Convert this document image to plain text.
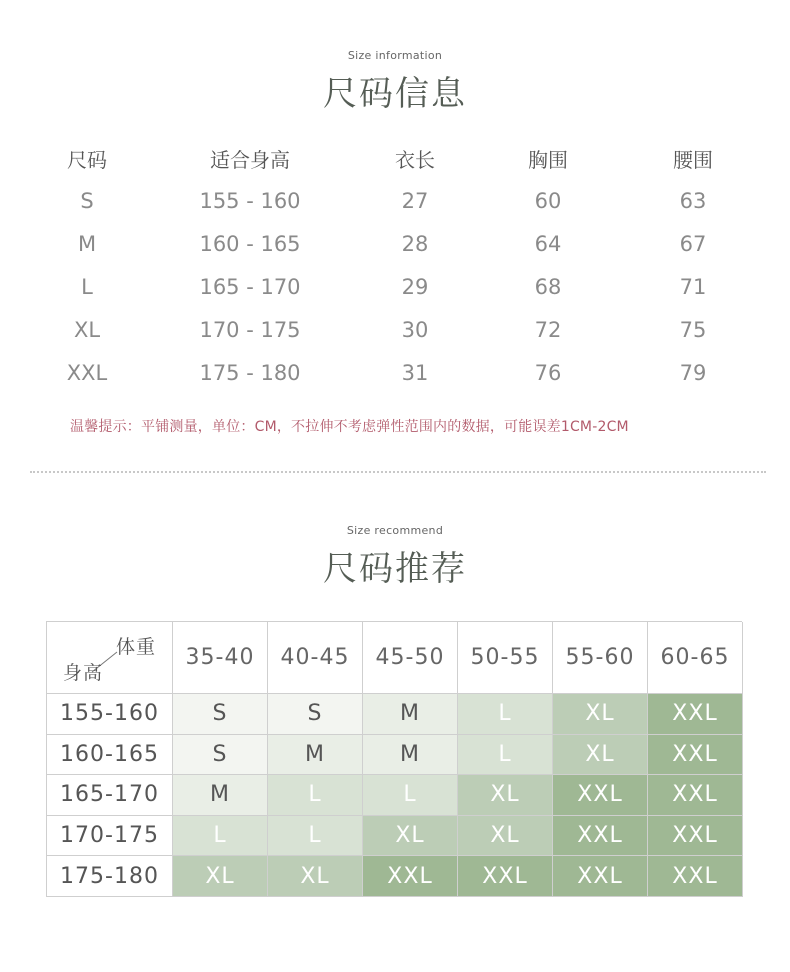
Size information
尺码信息
尺码	适合身高	衣长	胸围	腰围
S	155 - 160	27	60	63
M	160 - 165	28	64	67
L	165 - 170	29	68	71
XL	170 - 175	30	72	75
XXL	175 - 180	31	76	79
温馨提示：平铺测量，单位：CM，不拉伸不考虑弹性范围内的数据，可能误差1CM-2CM
Size recommend
尺码推荐
体重
身高
35-40	40-45	45-50	50-55	55-60	60-65
155-160	S	S	M	L	XL	XXL
160-165	S	M	M	L	XL	XXL
165-170	M	L	L	XL	XXL	XXL
170-175	L	L	XL	XL	XXL	XXL
175-180	XL	XL	XXL	XXL	XXL	XXL
